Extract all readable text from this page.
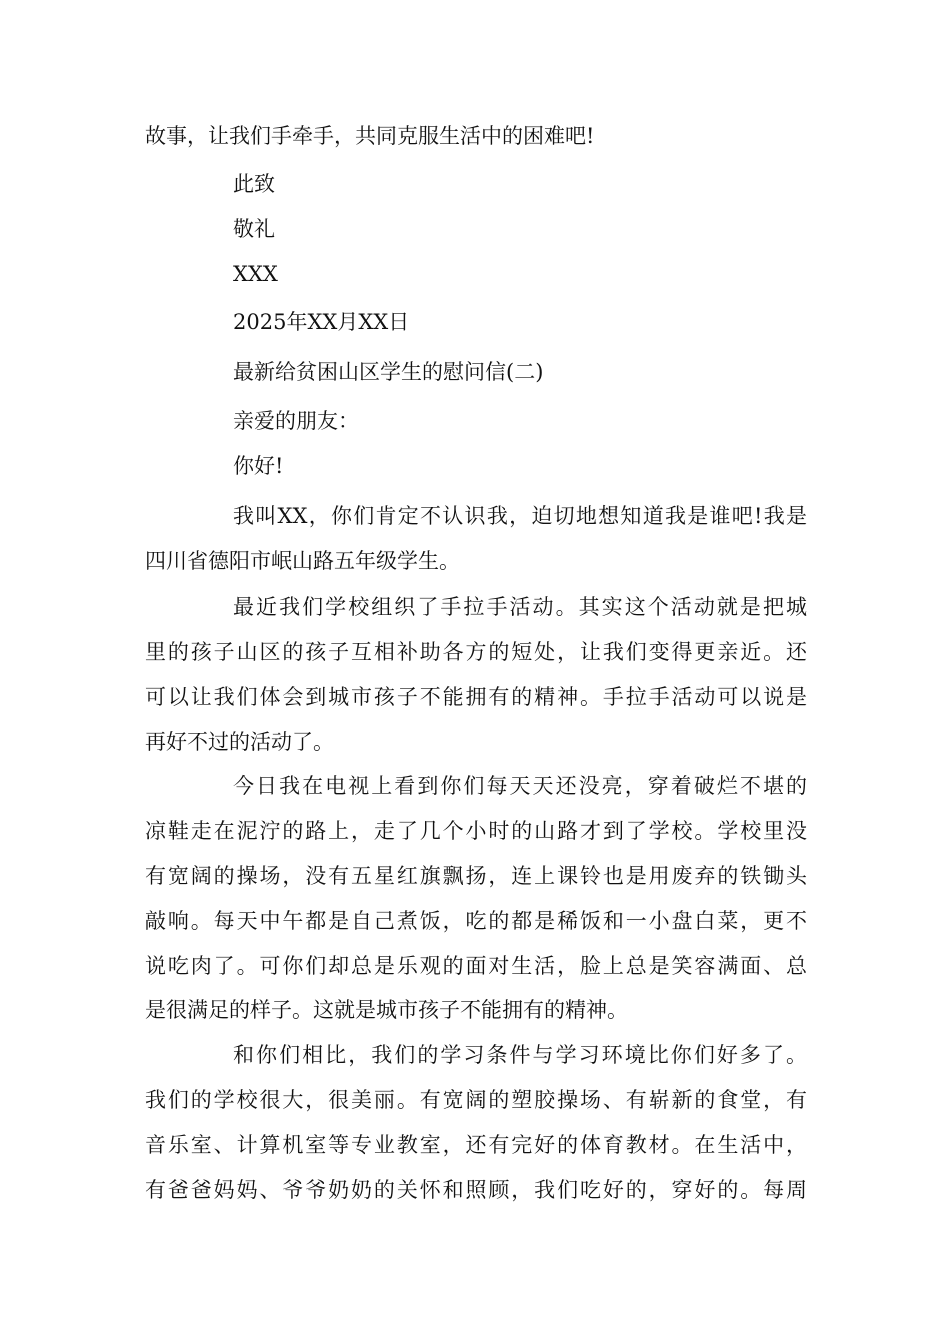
故事，让我们手牵手，共同克服生活中的困难吧!
此致
敬礼
XXX
2025年XX月XX日
最新给贫困山区学生的慰问信(二)
亲爱的朋友：
你好!
我叫XX，你们肯定不认识我，迫切地想知道我是谁吧!我是
四川省德阳市岷山路五年级学生。
最近我们学校组织了手拉手活动。其实这个活动就是把城
里的孩子山区的孩子互相补助各方的短处，让我们变得更亲近。还
可以让我们体会到城市孩子不能拥有的精神。手拉手活动可以说是
再好不过的活动了。
今日我在电视上看到你们每天天还没亮，穿着破烂不堪的
凉鞋走在泥泞的路上，走了几个小时的山路才到了学校。学校里没
有宽阔的操场，没有五星红旗飘扬，连上课铃也是用废弃的铁锄头
敲响。每天中午都是自己煮饭，吃的都是稀饭和一小盘白菜，更不
说吃肉了。可你们却总是乐观的面对生活，脸上总是笑容满面、总
是很满足的样子。这就是城市孩子不能拥有的精神。
和你们相比，我们的学习条件与学习环境比你们好多了。
我们的学校很大，很美丽。有宽阔的塑胶操场、有崭新的食堂，有
音乐室、计算机室等专业教室，还有完好的体育教材。在生活中，
有爸爸妈妈、爷爷奶奶的关怀和照顾，我们吃好的，穿好的。每周
